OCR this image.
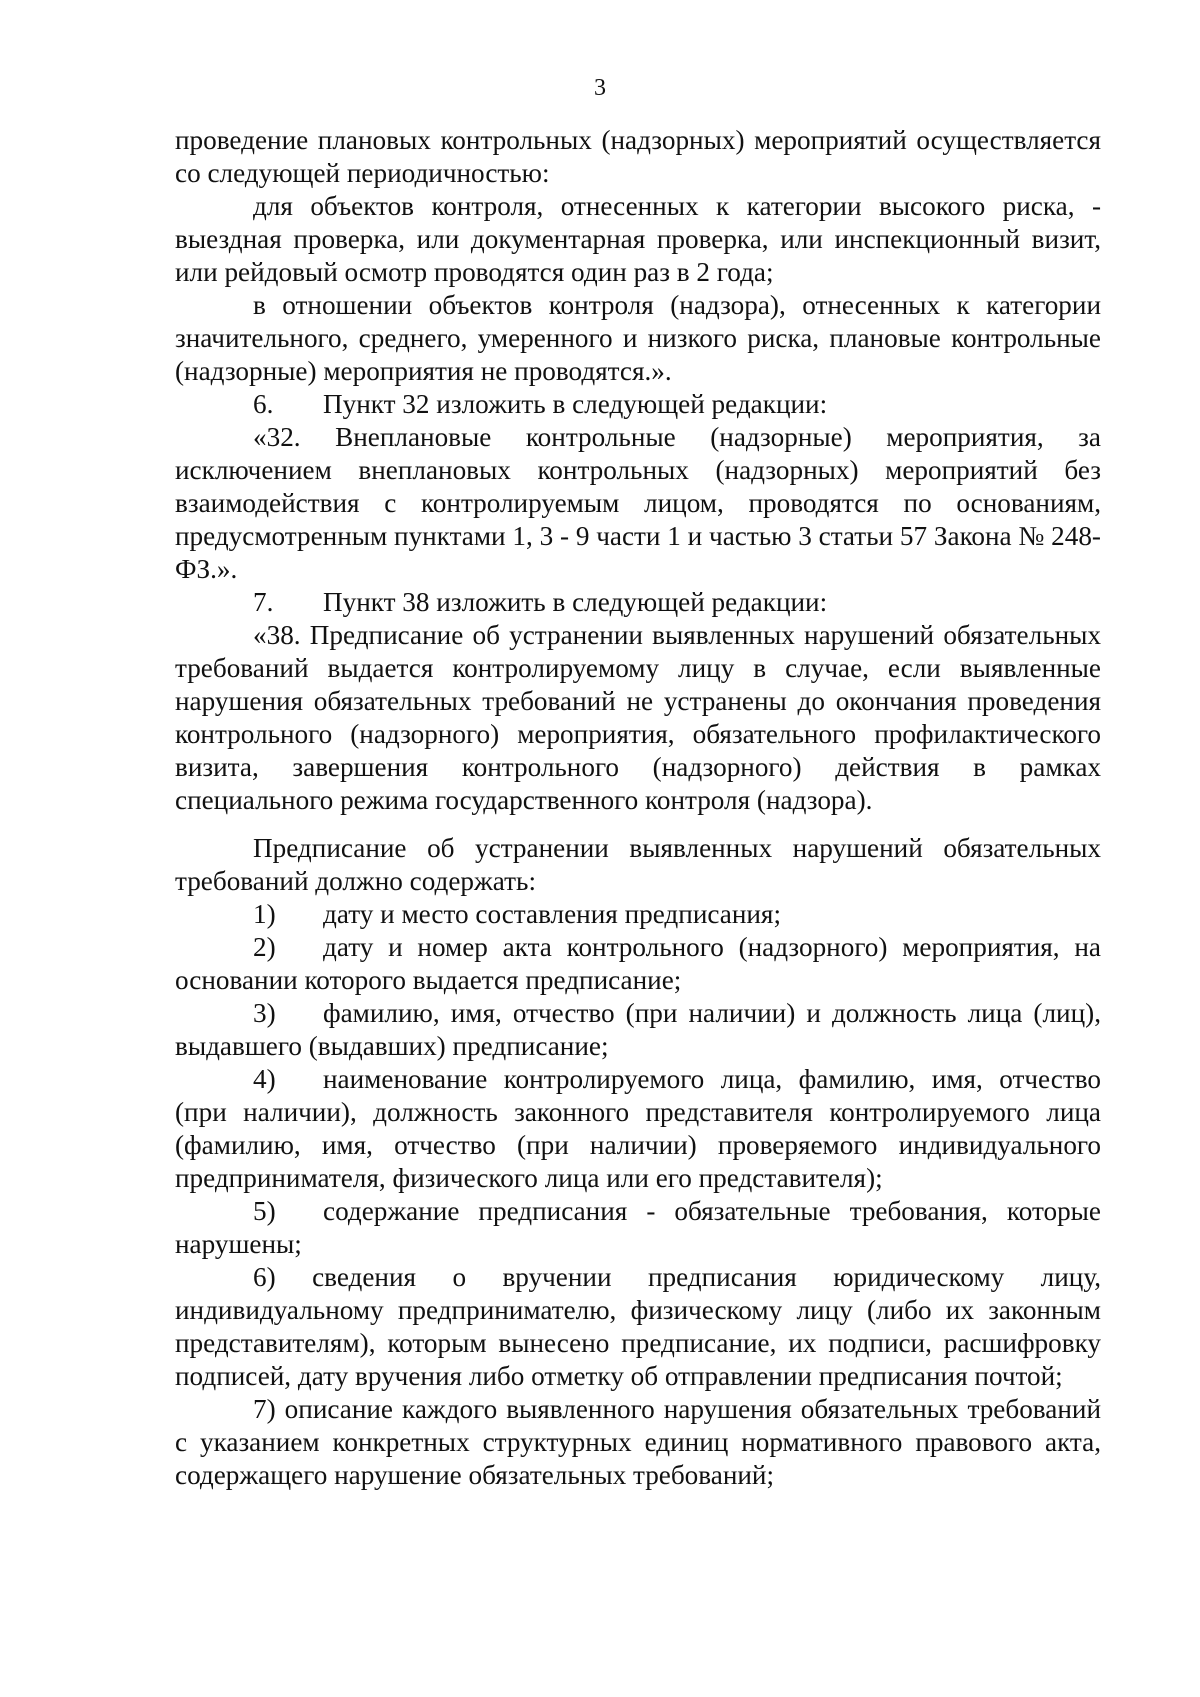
3

проведение плановых контрольных (надзорных) мероприятий осуществляется со следующей периодичностью:

для объектов контроля, отнесенных к категории высокого риска, - выездная проверка, или документарная проверка, или инспекционный визит, или рейдовый осмотр проводятся один раз в 2 года;

в отношении объектов контроля (надзора), отнесенных к категории значительного, среднего, умеренного и низкого риска, плановые контрольные (надзорные) мероприятия не проводятся.».

6. Пункт 32 изложить в следующей редакции:

«32. Внеплановые контрольные (надзорные) мероприятия, за исключением внеплановых контрольных (надзорных) мероприятий без взаимодействия с контролируемым лицом, проводятся по основаниям, предусмотренным пунктами 1, 3 - 9 части 1 и частью 3 статьи 57 Закона № 248-ФЗ.».

7. Пункт 38 изложить в следующей редакции:

«38. Предписание об устранении выявленных нарушений обязательных требований выдается контролируемому лицу в случае, если выявленные нарушения обязательных требований не устранены до окончания проведения контрольного (надзорного) мероприятия, обязательного профилактического визита, завершения контрольного (надзорного) действия в рамках специального режима государственного контроля (надзора).

Предписание об устранении выявленных нарушений обязательных требований должно содержать:

1) дату и место составления предписания;

2) дату и номер акта контрольного (надзорного) мероприятия, на основании которого выдается предписание;

3) фамилию, имя, отчество (при наличии) и должность лица (лиц), выдавшего (выдавших) предписание;

4) наименование контролируемого лица, фамилию, имя, отчество (при наличии), должность законного представителя контролируемого лица (фамилию, имя, отчество (при наличии) проверяемого индивидуального предпринимателя, физического лица или его представителя);

5) содержание предписания - обязательные требования, которые нарушены;

6) сведения о вручении предписания юридическому лицу, индивидуальному предпринимателю, физическому лицу (либо их законным представителям), которым вынесено предписание, их подписи, расшифровку подписей, дату вручения либо отметку об отправлении предписания почтой;

7) описание каждого выявленного нарушения обязательных требований с указанием конкретных структурных единиц нормативного правового акта, содержащего нарушение обязательных требований;
